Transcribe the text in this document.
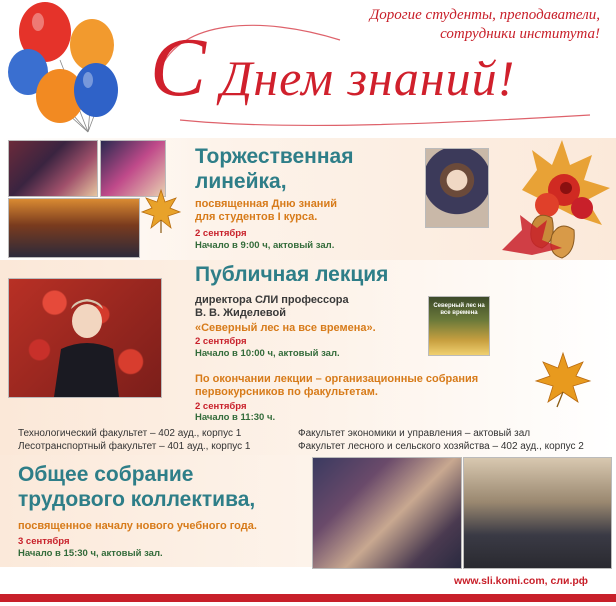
Дорогие студенты, преподаватели,
сотрудники института!
С Днем знаний!
Торжественная
линейка,
посвященная Дню знаний
для студентов I курса.
2 сентября
Начало в 9:00 ч, актовый зал.
Публичная лекция
директора СЛИ профессора
В. В. Жиделевой
«Северный лес на все времена».
2 сентября
Начало в 10:00 ч, актовый зал.
Северный лес на все времена
По окончании лекции – организационные собрания
первокурсников по факультетам.
2 сентября
Начало в 11:30 ч.
Технологический факультет – 402 ауд., корпус 1
Лесотранспортный факультет – 401 ауд., корпус 1
Факультет экономики и управления – актовый зал
Факультет лесного и сельского хозяйства – 402 ауд., корпус 2
Общее собрание
трудового коллектива,
посвященное началу нового учебного года.
3 сентября
Начало в 15:30 ч, актовый зал.
www.sli.komi.com, сли.рф
